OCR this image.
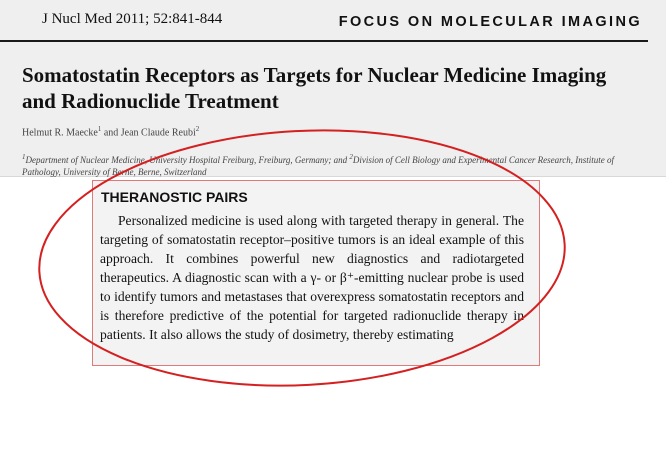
J Nucl Med 2011; 52:841-844	FOCUS ON MOLECULAR IMAGING
Somatostatin Receptors as Targets for Nuclear Medicine Imaging and Radionuclide Treatment
Helmut R. Maecke$^1$ and Jean Claude Reubi$^2$
$^1$Department of Nuclear Medicine, University Hospital Freiburg, Freiburg, Germany; and $^2$Division of Cell Biology and Experimental Cancer Research, Institute of Pathology, University of Berne, Berne, Switzerland
THERANOSTIC PAIRS
Personalized medicine is used along with targeted therapy in general. The targeting of somatostatin receptor–positive tumors is an ideal example of this approach. It combines powerful new diagnostics and radiotargeted therapeutics. A diagnostic scan with a γ- or β⁺-emitting nuclear probe is used to identify tumors and metastases that overexpress somatostatin receptors and is therefore predictive of the potential for targeted radionuclide therapy in patients. It also allows the study of dosimetry, thereby estimating
